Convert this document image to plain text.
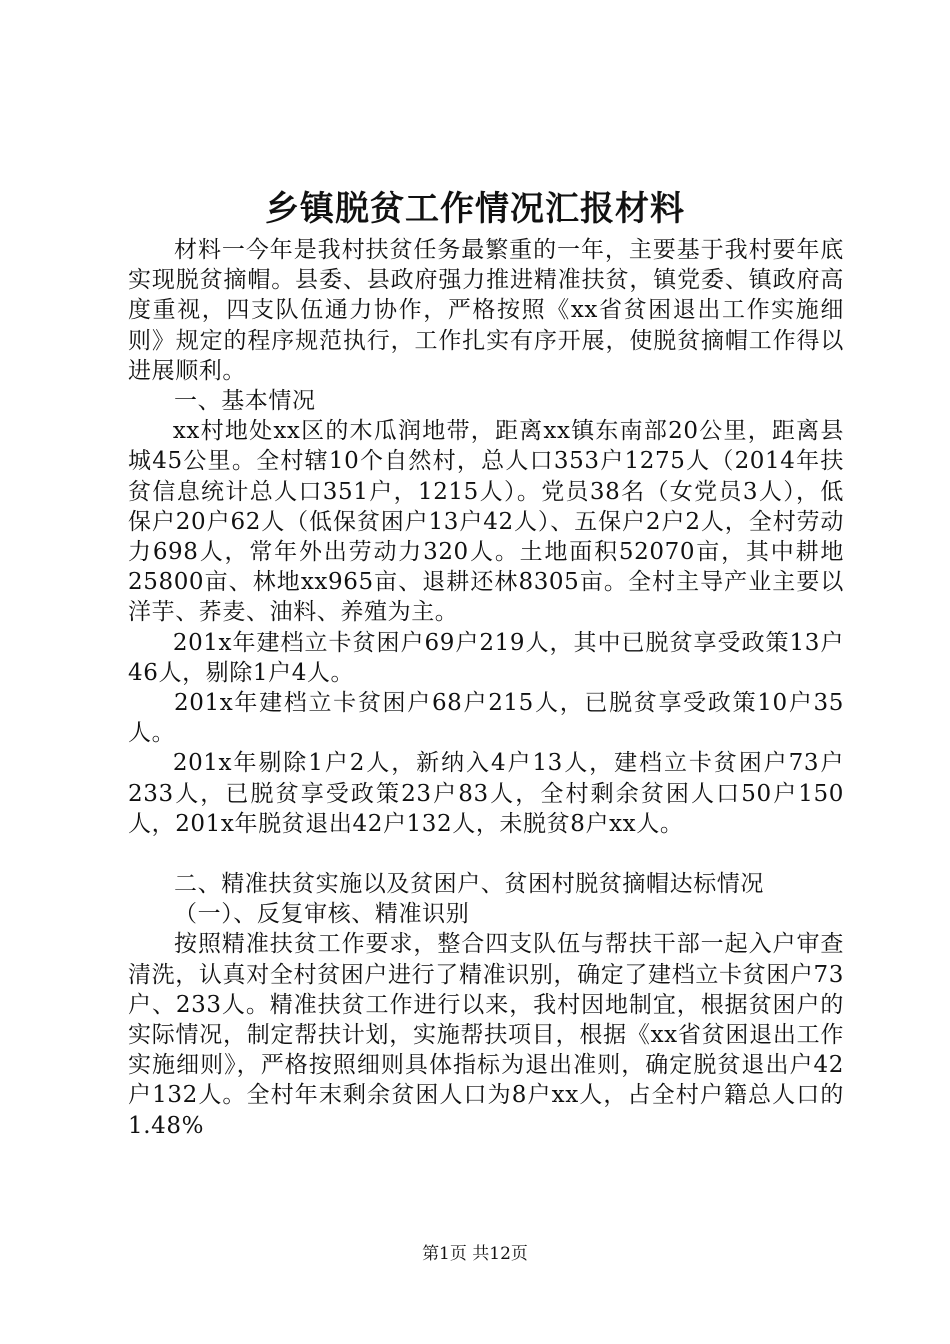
乡镇脱贫工作情况汇报材料

材料一今年是我村扶贫任务最繁重的一年，主要基于我村要年底实现脱贫摘帽。县委、县政府强力推进精准扶贫，镇党委、镇政府高度重视，四支队伍通力协作，严格按照《xx省贫困退出工作实施细则》规定的程序规范执行，工作扎实有序开展，使脱贫摘帽工作得以进展顺利。

一、基本情况

xx村地处xx区的木瓜润地带，距离xx镇东南部20公里，距离县城45公里。全村辖10个自然村，总人口353户1275人（2014年扶贫信息统计总人口351户，1215人）。党员38名（女党员3人），低保户20户62人（低保贫困户13户42人）、五保户2户2人，全村劳动力698人，常年外出劳动力320人。土地面积52070亩，其中耕地25800亩、林地xx965亩、退耕还林8305亩。全村主导产业主要以洋芋、荞麦、油料、养殖为主。

201x年建档立卡贫困户69户219人，其中已脱贫享受政策13户46人，剔除1户4人。

201x年建档立卡贫困户68户215人，已脱贫享受政策10户35人。

201x年剔除1户2人，新纳入4户13人，建档立卡贫困户73户233人，已脱贫享受政策23户83人，全村剩余贫困人口50户150人，201x年脱贫退出42户132人，未脱贫8户xx人。

二、精准扶贫实施以及贫困户、贫困村脱贫摘帽达标情况

（一）、反复审核、精准识别

按照精准扶贫工作要求，整合四支队伍与帮扶干部一起入户审查清洗，认真对全村贫困户进行了精准识别，确定了建档立卡贫困户73户、233人。精准扶贫工作进行以来，我村因地制宜，根据贫困户的实际情况，制定帮扶计划，实施帮扶项目，根据《xx省贫困退出工作实施细则》，严格按照细则具体指标为退出准则，确定脱贫退出户42户132人。全村年末剩余贫困人口为8户xx人，占全村户籍总人口的1.48%

第1页 共12页
